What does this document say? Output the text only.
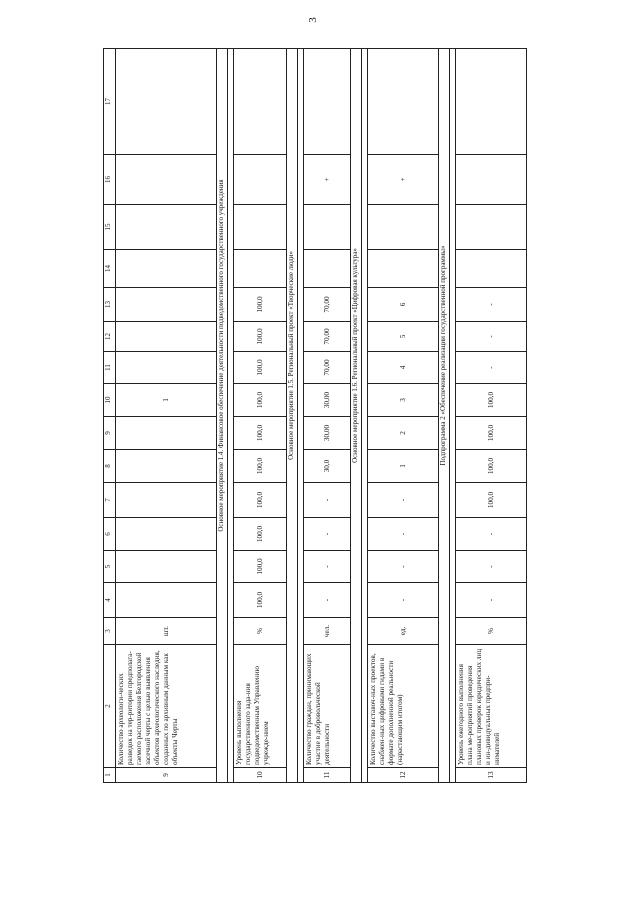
3
1	2	3	4	5	6	7	8	9	10	11	12	13	14	15	16	17
9	Количество археологи-ческих разведок на тер-ритории предполага-гаемого расположения Белгородской засечной черты с целью выявления объектов археологического наследия, созданных по архивным данным как объекты Черты	шт.							1							
Основное мероприятие 1.4. Финансовое обеспечение деятельности подведомственного государственного учреждения																

10	Уровень выполнения государственного зада-ния подведомственным Управлению учрежде-нием	%	100,0	100,0	100,0	100,0	100,0	100,0	100,0	100,0	100,0	100,0				
Основное мероприятие 1.5. Региональный проект «Творческие люди»																

11	Количество граждан, принимающих участие в добровольческой деятельности	чел.	-	-	-	-	30,0	30,00	30,00	70,00	70,00	70,00			+	
Основное мероприятие 1.6. Региональный проект «Цифровая культура»																

12	Количество выставоч-ных проектов, снабжен-ных цифровыми гидами в формате дополненной реальности (нарастающим итогом)	ед.	-	-	-	-	1	2	3	4	5	6			+	
Подпрограмма 2 «Обеспечение реализации государственной программы»																

13	Уровень ежегодного выполнения плана ме-роприятий проведения плановых проверок юридических лиц и ин-дивидуальных предпри-нимателей	%	-	-	-	100,0	100,0	100,0	100,0	-	-	-				
